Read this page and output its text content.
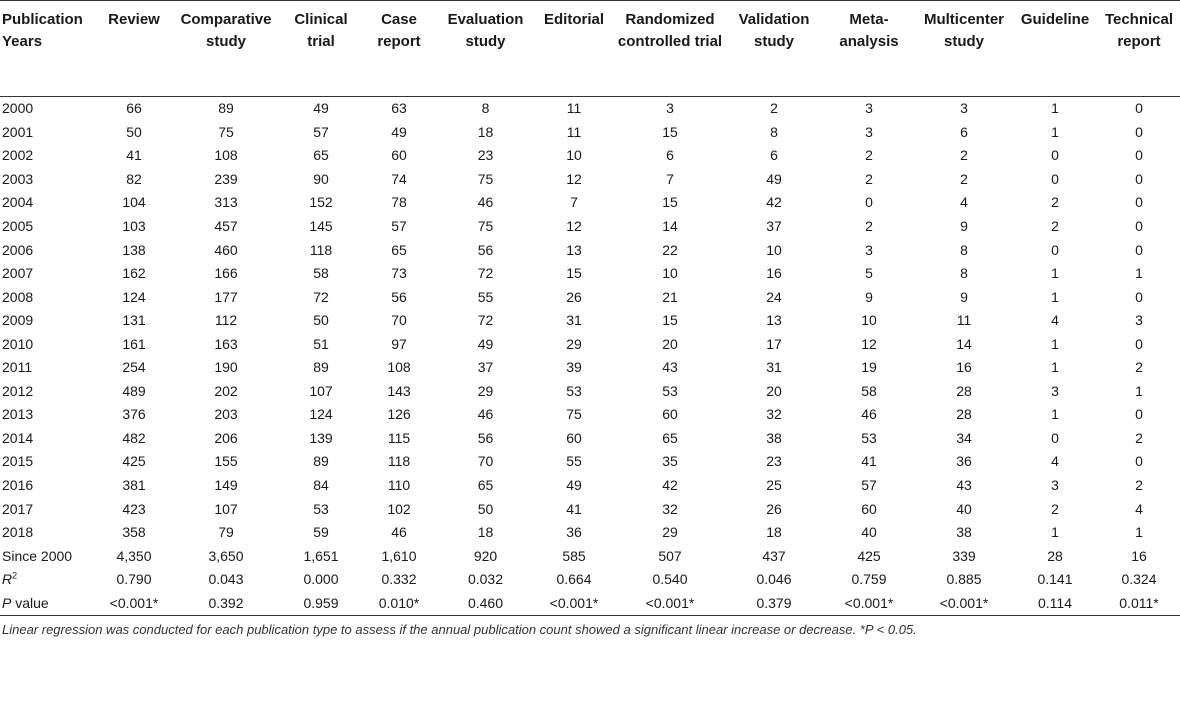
Publication Years	Review	Comparative study	Clinical trial	Case report	Evaluation study	Editorial	Randomized controlled trial	Validation study	Meta-analysis	Multicenter study	Guideline	Technical report
2000	66	89	49	63	8	11	3	2	3	3	1	0
2001	50	75	57	49	18	11	15	8	3	6	1	0
2002	41	108	65	60	23	10	6	6	2	2	0	0
2003	82	239	90	74	75	12	7	49	2	2	0	0
2004	104	313	152	78	46	7	15	42	0	4	2	0
2005	103	457	145	57	75	12	14	37	2	9	2	0
2006	138	460	118	65	56	13	22	10	3	8	0	0
2007	162	166	58	73	72	15	10	16	5	8	1	1
2008	124	177	72	56	55	26	21	24	9	9	1	0
2009	131	112	50	70	72	31	15	13	10	11	4	3
2010	161	163	51	97	49	29	20	17	12	14	1	0
2011	254	190	89	108	37	39	43	31	19	16	1	2
2012	489	202	107	143	29	53	53	20	58	28	3	1
2013	376	203	124	126	46	75	60	32	46	28	1	0
2014	482	206	139	115	56	60	65	38	53	34	0	2
2015	425	155	89	118	70	55	35	23	41	36	4	0
2016	381	149	84	110	65	49	42	25	57	43	3	2
2017	423	107	53	102	50	41	32	26	60	40	2	4
2018	358	79	59	46	18	36	29	18	40	38	1	1
Since 2000	4,350	3,650	1,651	1,610	920	585	507	437	425	339	28	16
$R^2$	0.790	0.043	0.000	0.332	0.032	0.664	0.540	0.046	0.759	0.885	0.141	0.324
P value	<0.001*	0.392	0.959	0.010*	0.460	<0.001*	<0.001*	0.379	<0.001*	<0.001*	0.114	0.011*
Linear regression was conducted for each publication type to assess if the annual publication count showed a significant linear increase or decrease. *P < 0.05.
